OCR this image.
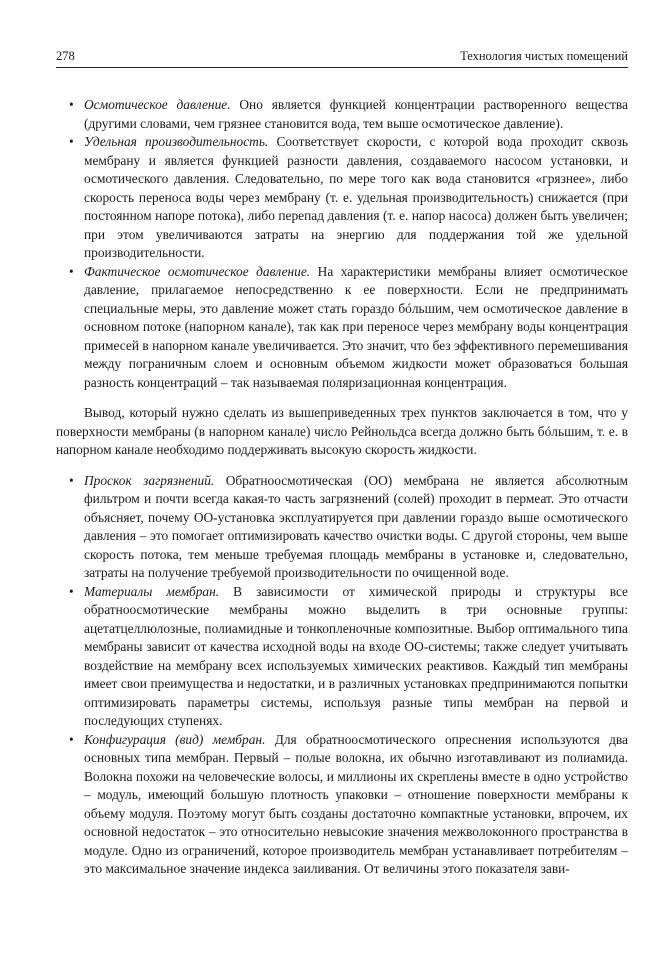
278	Технология чистых помещений
• Осмотическое давление. Оно является функцией концентрации растворенного вещества (другими словами, чем грязнее становится вода, тем выше осмотическое давление).
• Удельная производительность. Соответствует скорости, с которой вода проходит сквозь мембрану и является функцией разности давления, создаваемого насосом установки, и осмотического давления. Следовательно, по мере того как вода становится «грязнее», либо скорость переноса воды через мембрану (т. е. удельная производительность) снижается (при постоянном напоре потока), либо перепад давления (т. е. напор насоса) должен быть увеличен; при этом увеличиваются затраты на энергию для поддержания той же удельной производительности.
• Фактическое осмотическое давление. На характеристики мембраны влияет осмотическое давление, прилагаемое непосредственно к ее поверхности. Если не предпринимать специальные меры, это давление может стать гораздо бóльшим, чем осмотическое давление в основном потоке (напорном канале), так как при переносе через мембрану воды концентрация примесей в напорном канале увеличивается. Это значит, что без эффективного перемешивания между пограничным слоем и основным объемом жидкости может образоваться большая разность концентраций – так называемая поляризационная концентрация.

Вывод, который нужно сделать из вышеприведенных трех пунктов заключается в том, что у поверхности мембраны (в напорном канале) число Рейнольдса всегда должно быть бóльшим, т. е. в напорном канале необходимо поддерживать высокую скорость жидкости.

• Проскок загрязнений. Обратноосмотическая (ОО) мембрана не является абсолютным фильтром и почти всегда какая-то часть загрязнений (солей) проходит в пермеат. Это отчасти объясняет, почему ОО-установка эксплуатируется при давлении гораздо выше осмотического давления – это помогает оптимизировать качество очистки воды. С другой стороны, чем выше скорость потока, тем меньше требуемая площадь мембраны в установке и, следовательно, затраты на получение требуемой производительности по очищенной воде.
• Материалы мембран. В зависимости от химической природы и структуры все обратноосмотические мембраны можно выделить в три основные группы: ацетатцеллюлозные, полиамидные и тонкопленочные композитные. Выбор оптимального типа мембраны зависит от качества исходной воды на входе ОО-системы; также следует учитывать воздействие на мембрану всех используемых химических реактивов. Каждый тип мембраны имеет свои преимущества и недостатки, и в различных установках предпринимаются попытки оптимизировать параметры системы, используя разные типы мембран на первой и последующих ступенях.
• Конфигурация (вид) мембран. Для обратноосмотического опреснения используются два основных типа мембран. Первый – полые волокна, их обычно изготавливают из полиамида. Волокна похожи на человеческие волосы, и миллионы их скреплены вместе в одно устройство – модуль, имеющий большую плотность упаковки – отношение поверхности мембраны к объему модуля. Поэтому могут быть созданы достаточно компактные установки, впрочем, их основной недостаток – это относительно невысокие значения межволоконного пространства в модуле. Одно из ограничений, которое производитель мембран устанавливает потребителям – это максимальное значение индекса заиливания. От величины этого показателя зави-
